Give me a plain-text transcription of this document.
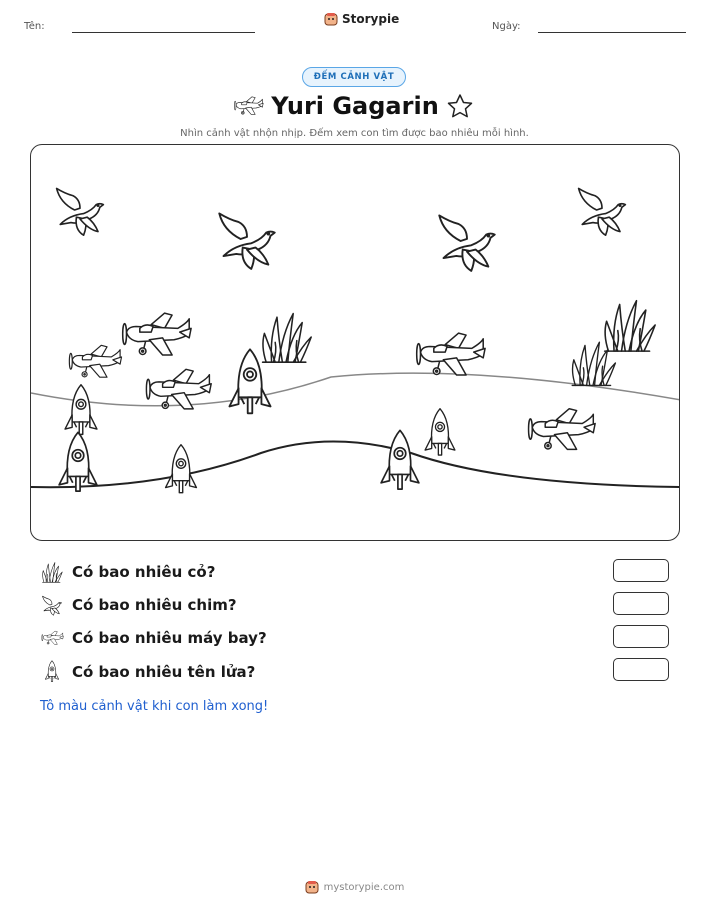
Tên:
Storypie
Ngày:
ĐẾM CẢNH VẬT
Yuri Gagarin
Nhìn cảnh vật nhộn nhịp. Đếm xem con tìm được bao nhiêu mỗi hình.
Có bao nhiêu cỏ?
Có bao nhiêu chim?
Có bao nhiêu máy bay?
Có bao nhiêu tên lửa?
Tô màu cảnh vật khi con làm xong!
mystorypie.com
